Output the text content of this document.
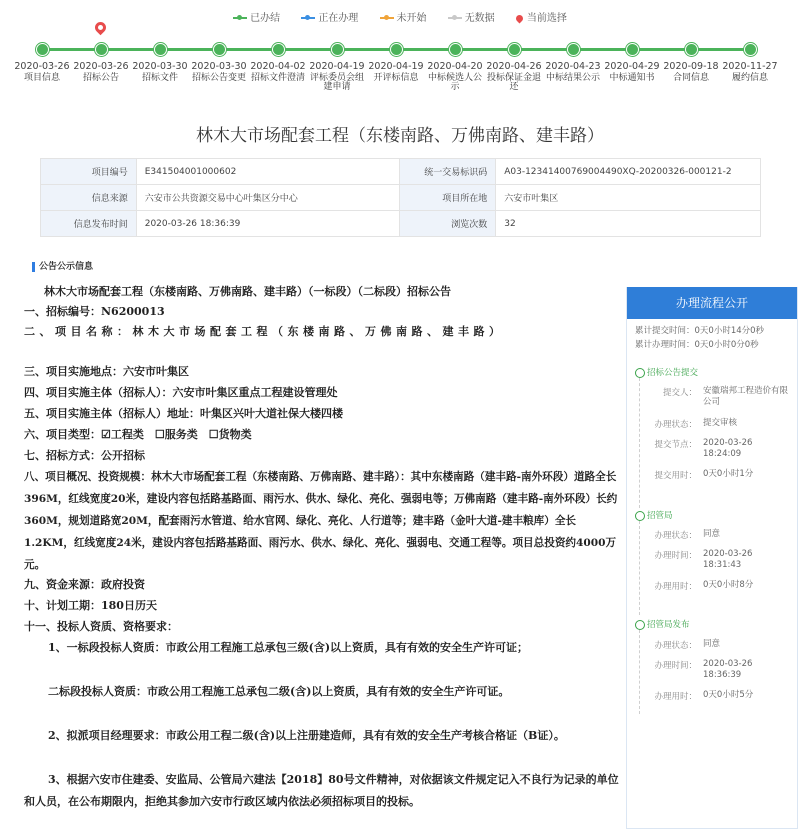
已办结	正在办理	未开始	无数据	当前选择
2020-03-26
项目信息
2020-03-26
招标公告
2020-03-30
招标文件
2020-03-30
招标公告变更
2020-04-02
招标文件澄清
2020-04-19
评标委员会组建申请
2020-04-19
开评标信息
2020-04-20
中标候选人公示
2020-04-26
投标保证金退还
2020-04-23
中标结果公示
2020-04-29
中标通知书
2020-09-18
合同信息
2020-11-27
履约信息
林木大市场配套工程（东楼南路、万佛南路、建丰路）
项目编号	E341504001000602	统一交易标识码	A03-12341400769004490XQ-20200326-000121-2
信息来源	六安市公共资源交易中心叶集区分中心	项目所在地	六安市叶集区
信息发布时间	2020-03-26 18:36:39	浏览次数	32
公告公示信息

林木大市场配套工程（东楼南路、万佛南路、建丰路）（一标段）（二标段）招标公告

一、招标编号：N6200013

二、项目名称：林木大市场配套工程（东楼南路、万佛南路、建丰路）

三、项目实施地点：六安市叶集区

四、项目实施主体（招标人）：六安市叶集区重点工程建设管理处

五、项目实施主体（招标人）地址：叶集区兴叶大道社保大楼四楼

六、项目类型：☑工程类　☐服务类　☐货物类

七、招标方式：公开招标

八、项目概况、投资规模：林木大市场配套工程（东楼南路、万佛南路、建丰路）：其中东楼南路（建丰路-南外环段）道路全长396M，红线宽度20米，建设内容包括路基路面、雨污水、供水、绿化、亮化、强弱电等；万佛南路（建丰路-南外环段）长约360M，规划道路宽20M，配套雨污水管道、给水官网、绿化、亮化、人行道等；建丰路（金叶大道-建丰粮库）全长1.2KM，红线宽度24米，建设内容包括路基路面、雨污水、供水、绿化、亮化、强弱电、交通工程等。项目总投资约4000万元。

九、资金来源：政府投资

十、计划工期：180日历天

十一、投标人资质、资格要求：

1、一标段投标人资质：市政公用工程施工总承包三级(含)以上资质，具有有效的安全生产许可证；

二标段投标人资质：市政公用工程施工总承包二级(含)以上资质，具有有效的安全生产许可证。

2、拟派项目经理要求：市政公用工程二级(含)以上注册建造师，具有有效的安全生产考核合格证（B证）。

3、根据六安市住建委、安监局、公管局六建法【2018】80号文件精神，对依据该文件规定记入不良行为记录的单位和人员，在公布期限内，拒绝其参加六安市行政区域内依法必须招标项目的投标。

办理流程公开
累计提交时间：0天0小时14分0秒
累计办理时间：0天0小时0分0秒
招标公告提交
提交人： 安徽瑞邦工程造价有限公司
办理状态： 提交审核
提交节点： 2020-03-26 18:24:09
提交用时： 0天0小时1分
招管局
办理状态： 同意
办理时间： 2020-03-26 18:31:43
办理用时： 0天0小时8分
招管局发布
办理状态： 同意
办理时间： 2020-03-26 18:36:39
办理用时： 0天0小时5分
